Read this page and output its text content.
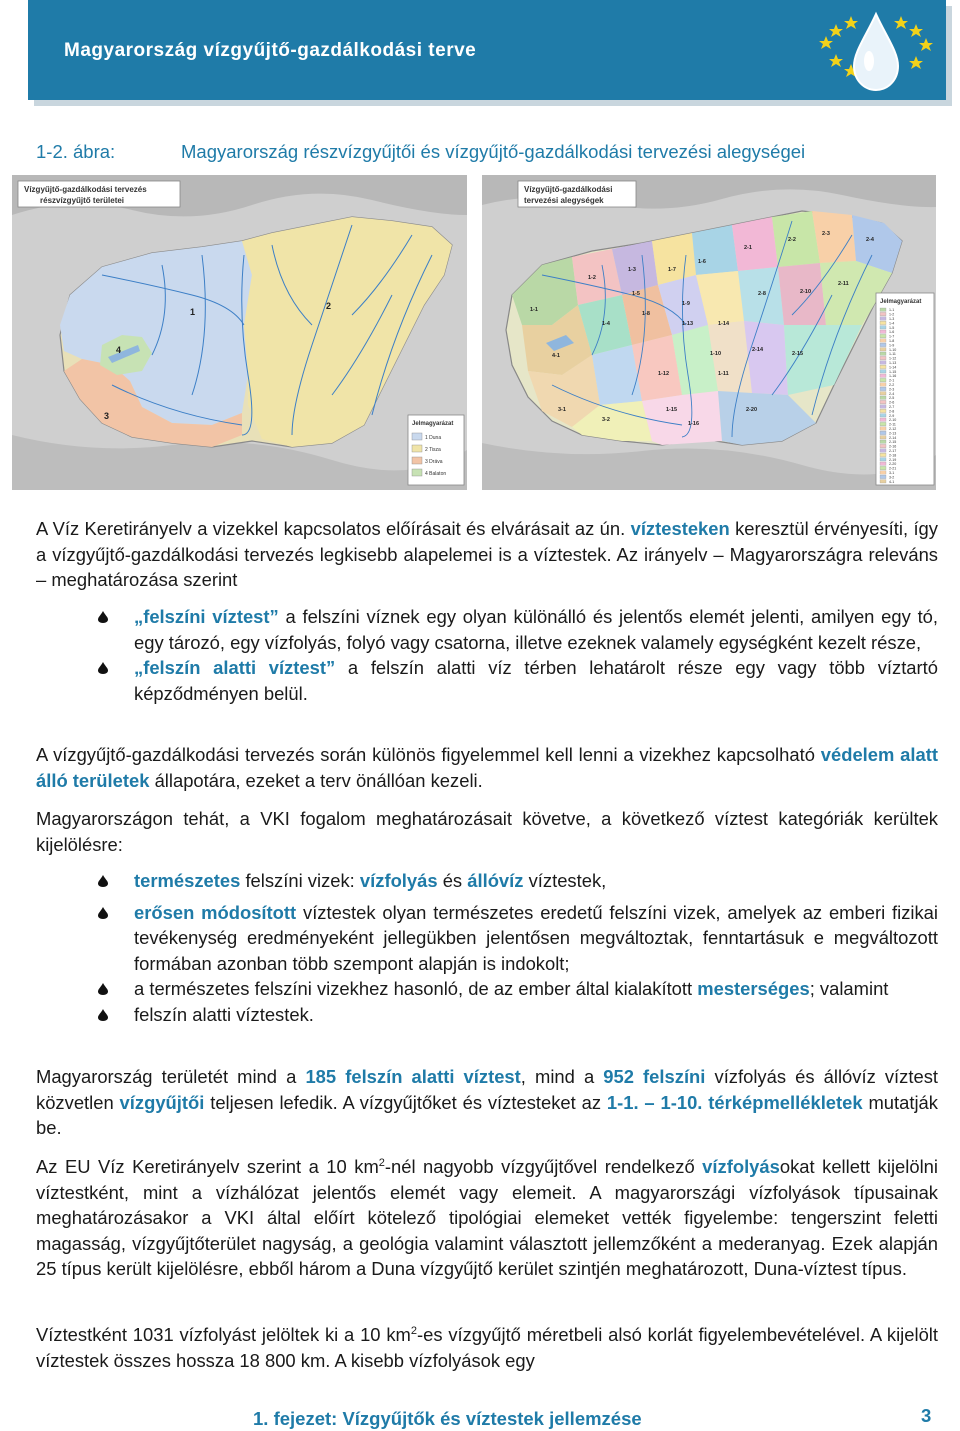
Magyarország vízgyűjtő-gazdálkodási terve
1-2. ábra:	Magyarország részvízgyűjtői és vízgyűjtő-gazdálkodási tervezési alegységei
Vízgyűjtő-gazdálkodási tervezés
részvízgyűjtő területei
1
2
3
4
Jelmagyarázat
1 Duna
2 Tisza
3 Dráva
4 Balaton
1-1
1-2
1-3
1-4
1-5
1-6
1-7
1-8
1-9
1-10
1-11
1-12
1-13	1-14
1-15
1-16
2-1
2-2
2-3
2-4
2-8	2-10
2-11
2-14
2-15
2-20
3-1
3-2
4-1
Vízgyűjtő-gazdálkodási
tervezési alegységek
Jelmagyarázat
1-1
1-2
1-3
1-4
1-5
1-6
1-7
1-8
1-9
1-10
1-11
1-12
1-13
1-14
1-15
1-16
2-1
2-2
2-3
2-4
2-5
2-6
2-7
2-8
2-9
2-10
2-11
2-12
2-13
2-14
2-15
2-16
2-17
2-18
2-19
2-20
2-21
3-1
3-2
4-1
A Víz Keretirányelv a vizekkel kapcsolatos előírásait és elvárásait az ún. víztesteken keresztül érvényesíti, így a vízgyűjtő-gazdálkodási tervezés legkisebb alapelemei is a víztestek. Az irányelv – Magyarországra releváns – meghatározása szerint
„felszíni víztest” a felszíni víznek egy olyan különálló és jelentős elemét jelenti, amilyen egy tó, egy tározó, egy vízfolyás, folyó vagy csatorna, illetve ezeknek valamely egységként kezelt része,
„felszín alatti víztest” a felszín alatti víz térben lehatárolt része egy vagy több víztartó képződményen belül.
A vízgyűjtő-gazdálkodási tervezés során különös figyelemmel kell lenni a vizekhez kapcsolható védelem alatt álló területek állapotára, ezeket a terv önállóan kezeli.
Magyarországon tehát, a VKI fogalom meghatározásait követve, a következő víztest kategóriák kerültek kijelölésre:
természetes felszíni vizek: vízfolyás és állóvíz víztestek,
erősen módosított víztestek olyan természetes eredetű felszíni vizek, amelyek az emberi fizikai tevékenység eredményeként jellegükben jelentősen megváltoztak, fenntartásuk e megváltozott formában azonban több szempont alapján is indokolt;
a természetes felszíni vizekhez hasonló, de az ember által kialakított mesterséges; valamint
felszín alatti víztestek.
Magyarország területét mind a 185 felszín alatti víztest, mind a 952 felszíni vízfolyás és állóvíz víztest közvetlen vízgyűjtői teljesen lefedik. A vízgyűjtőket és víztesteket az 1-1. – 1-10. térképmellékletek mutatják be.
Az EU Víz Keretirányelv szerint a 10 $km^2$-nél nagyobb vízgyűjtővel rendelkező vízfolyásokat kellett kijelölni víztestként, mint a vízhálózat jelentős elemét vagy elemeit. A magyarországi vízfolyások típusainak meghatározásakor a VKI által előírt kötelező tipológiai elemeket vették figyelembe: tengerszint feletti magasság, vízgyűjtőterület nagyság, a geológia valamint választott jellemzőként a mederanyag. Ezek alapján 25 típus került kijelölésre, ebből három a Duna vízgyűjtő kerület szintjén meghatározott, Duna-víztest típus.
Víztestként 1031 vízfolyást jelöltek ki a 10 $km^2-es$ vízgyűjtő méretbeli alsó korlát figyelembevételével. A kijelölt víztestek összes hossza 18 800 km. A kisebb vízfolyások egy
1. fejezet: Vízgyűjtők és víztestek jellemzése	3
